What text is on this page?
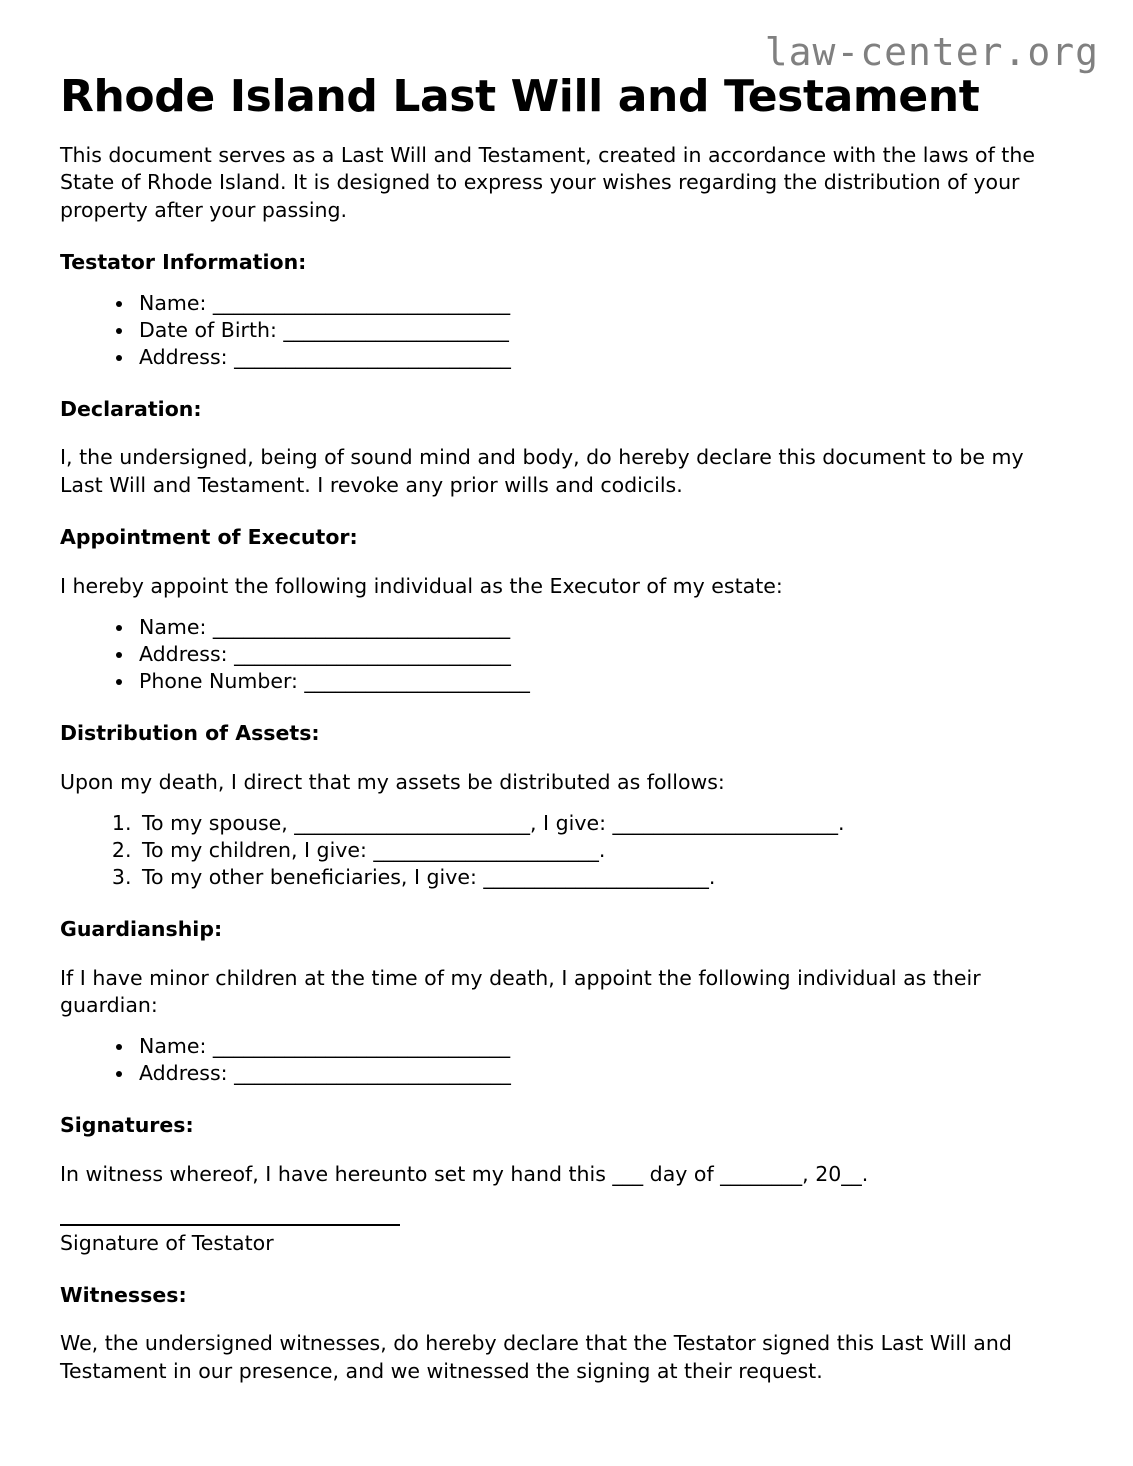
law-center.org
Rhode Island Last Will and Testament

This document serves as a Last Will and Testament, created in accordance with the laws of the State of Rhode Island. It is designed to express your wishes regarding the distribution of your property after your passing.

Testator Information:
• Name: _____________________________
• Date of Birth: ______________________
• Address: ___________________________
Declaration:

I, the undersigned, being of sound mind and body, do hereby declare this document to be my Last Will and Testament. I revoke any prior wills and codicils.

Appointment of Executor:

I hereby appoint the following individual as the Executor of my estate:

• Name: _____________________________
• Address: ___________________________
• Phone Number: ______________________
Distribution of Assets:

Upon my death, I direct that my assets be distributed as follows:

1. To my spouse, _______________________, I give: ______________________.
2. To my children, I give: ______________________.
3. To my other beneficiaries, I give: ______________________.
Guardianship:

If I have minor children at the time of my death, I appoint the following individual as their guardian:

• Name: _____________________________
• Address: ___________________________
Signatures:

In witness whereof, I have hereunto set my hand this ___ day of ________, 20__.

Signature of Testator
Witnesses:

We, the undersigned witnesses, do hereby declare that the Testator signed this Last Will and Testament in our presence, and we witnessed the signing at their request.
